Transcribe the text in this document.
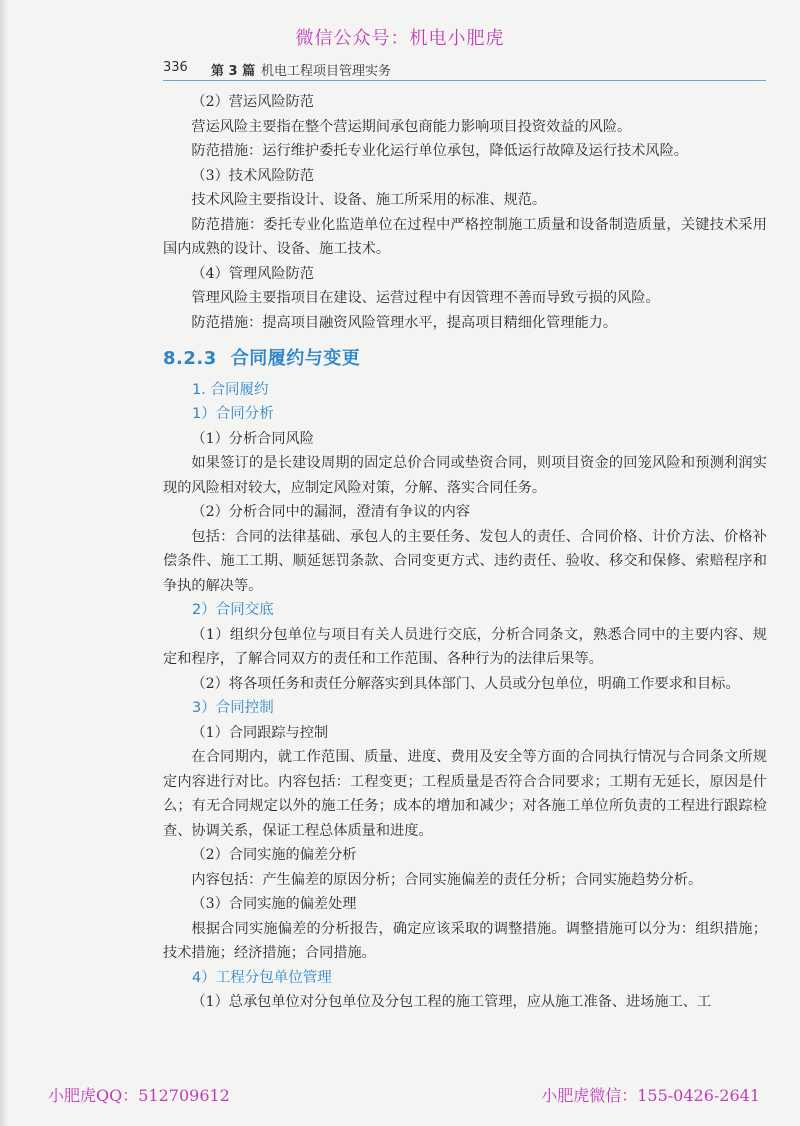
微信公众号：机电小肥虎
336 第 3 篇 机电工程项目管理实务

（2）营运风险防范

营运风险主要指在整个营运期间承包商能力影响项目投资效益的风险。

防范措施：运行维护委托专业化运行单位承包，降低运行故障及运行技术风险。

（3）技术风险防范

技术风险主要指设计、设备、施工所采用的标准、规范。

防范措施：委托专业化监造单位在过程中严格控制施工质量和设备制造质量，关键技术采用国内成熟的设计、设备、施工技术。

（4）管理风险防范

管理风险主要指项目在建设、运营过程中有因管理不善而导致亏损的风险。

防范措施：提高项目融资风险管理水平，提高项目精细化管理能力。

8.2.3 合同履约与变更

1. 合同履约

1）合同分析

（1）分析合同风险

如果签订的是长建设周期的固定总价合同或垫资合同，则项目资金的回笼风险和预测利润实现的风险相对较大，应制定风险对策，分解、落实合同任务。

（2）分析合同中的漏洞，澄清有争议的内容

包括：合同的法律基础、承包人的主要任务、发包人的责任、合同价格、计价方法、价格补偿条件、施工工期、顺延惩罚条款、合同变更方式、违约责任、验收、移交和保修、索赔程序和争执的解决等。

2）合同交底

（1）组织分包单位与项目有关人员进行交底，分析合同条文，熟悉合同中的主要内容、规定和程序，了解合同双方的责任和工作范围、各种行为的法律后果等。

（2）将各项任务和责任分解落实到具体部门、人员或分包单位，明确工作要求和目标。

3）合同控制

（1）合同跟踪与控制

在合同期内，就工作范围、质量、进度、费用及安全等方面的合同执行情况与合同条文所规定内容进行对比。内容包括：工程变更；工程质量是否符合合同要求；工期有无延长，原因是什么；有无合同规定以外的施工任务；成本的增加和减少；对各施工单位所负责的工程进行跟踪检查、协调关系，保证工程总体质量和进度。

（2）合同实施的偏差分析

内容包括：产生偏差的原因分析；合同实施偏差的责任分析；合同实施趋势分析。

（3）合同实施的偏差处理

根据合同实施偏差的分析报告，确定应该采取的调整措施。调整措施可以分为：组织措施；技术措施；经济措施；合同措施。

4）工程分包单位管理

（1）总承包单位对分包单位及分包工程的施工管理，应从施工准备、进场施工、工

小肥虎QQ：512709612	小肥虎微信：155-0426-2641
